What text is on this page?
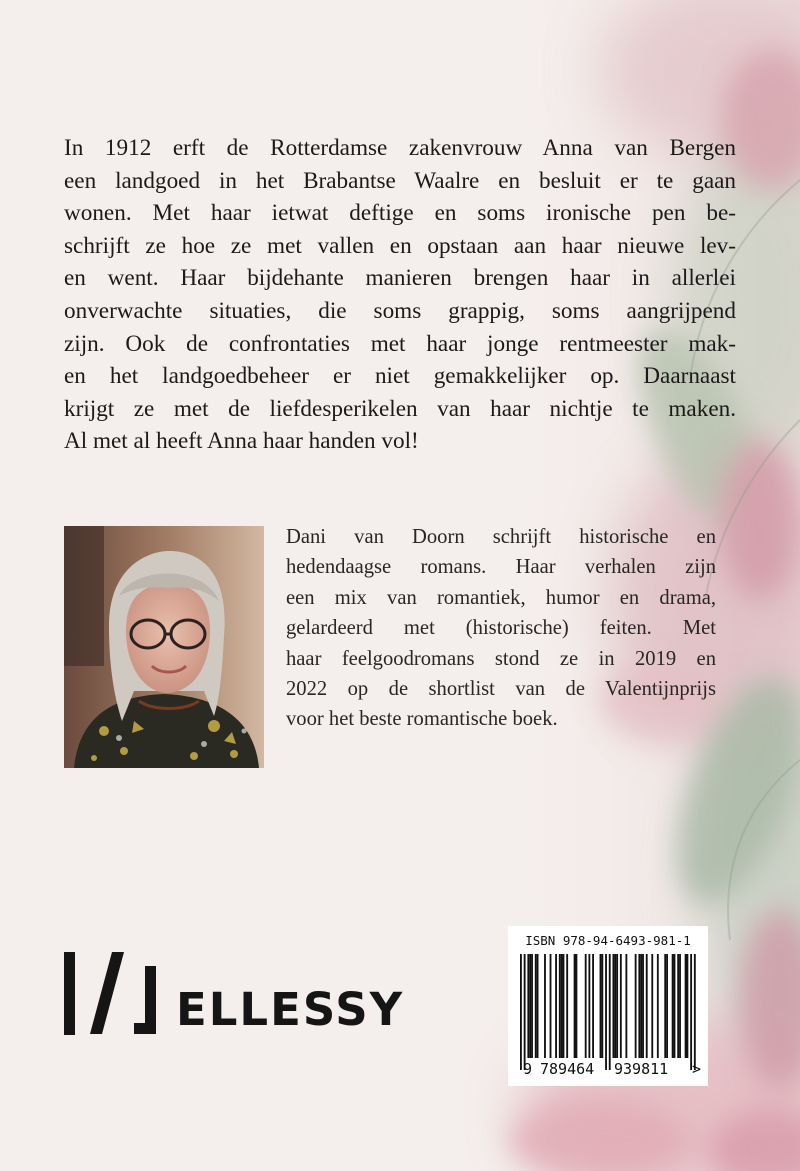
In 1912 erft de Rotterdamse zakenvrouw Anna van Bergen
een landgoed in het Brabantse Waalre en besluit er te gaan
wonen. Met haar ietwat deftige en soms ironische pen be-
schrijft ze hoe ze met vallen en opstaan aan haar nieuwe lev-
en went. Haar bijdehante manieren brengen haar in allerlei
onverwachte situaties, die soms grappig, soms aangrijpend
zijn. Ook de confrontaties met haar jonge rentmeester mak-
en het landgoedbeheer er niet gemakkelijker op. Daarnaast
krijgt ze met de liefdesperikelen van haar nichtje te maken.
Al met al heeft Anna haar handen vol!
Dani van Doorn schrijft historische en
hedendaagse romans. Haar verhalen zijn
een mix van romantiek, humor en drama,
gelardeerd met (historische) feiten. Met
haar feelgoodromans stond ze in 2019 en
2022 op de shortlist van de Valentijnprijs
voor het beste romantische boek.
ELLESSY
ISBN 978-94-6493-981-1
9 789464 939811 >
